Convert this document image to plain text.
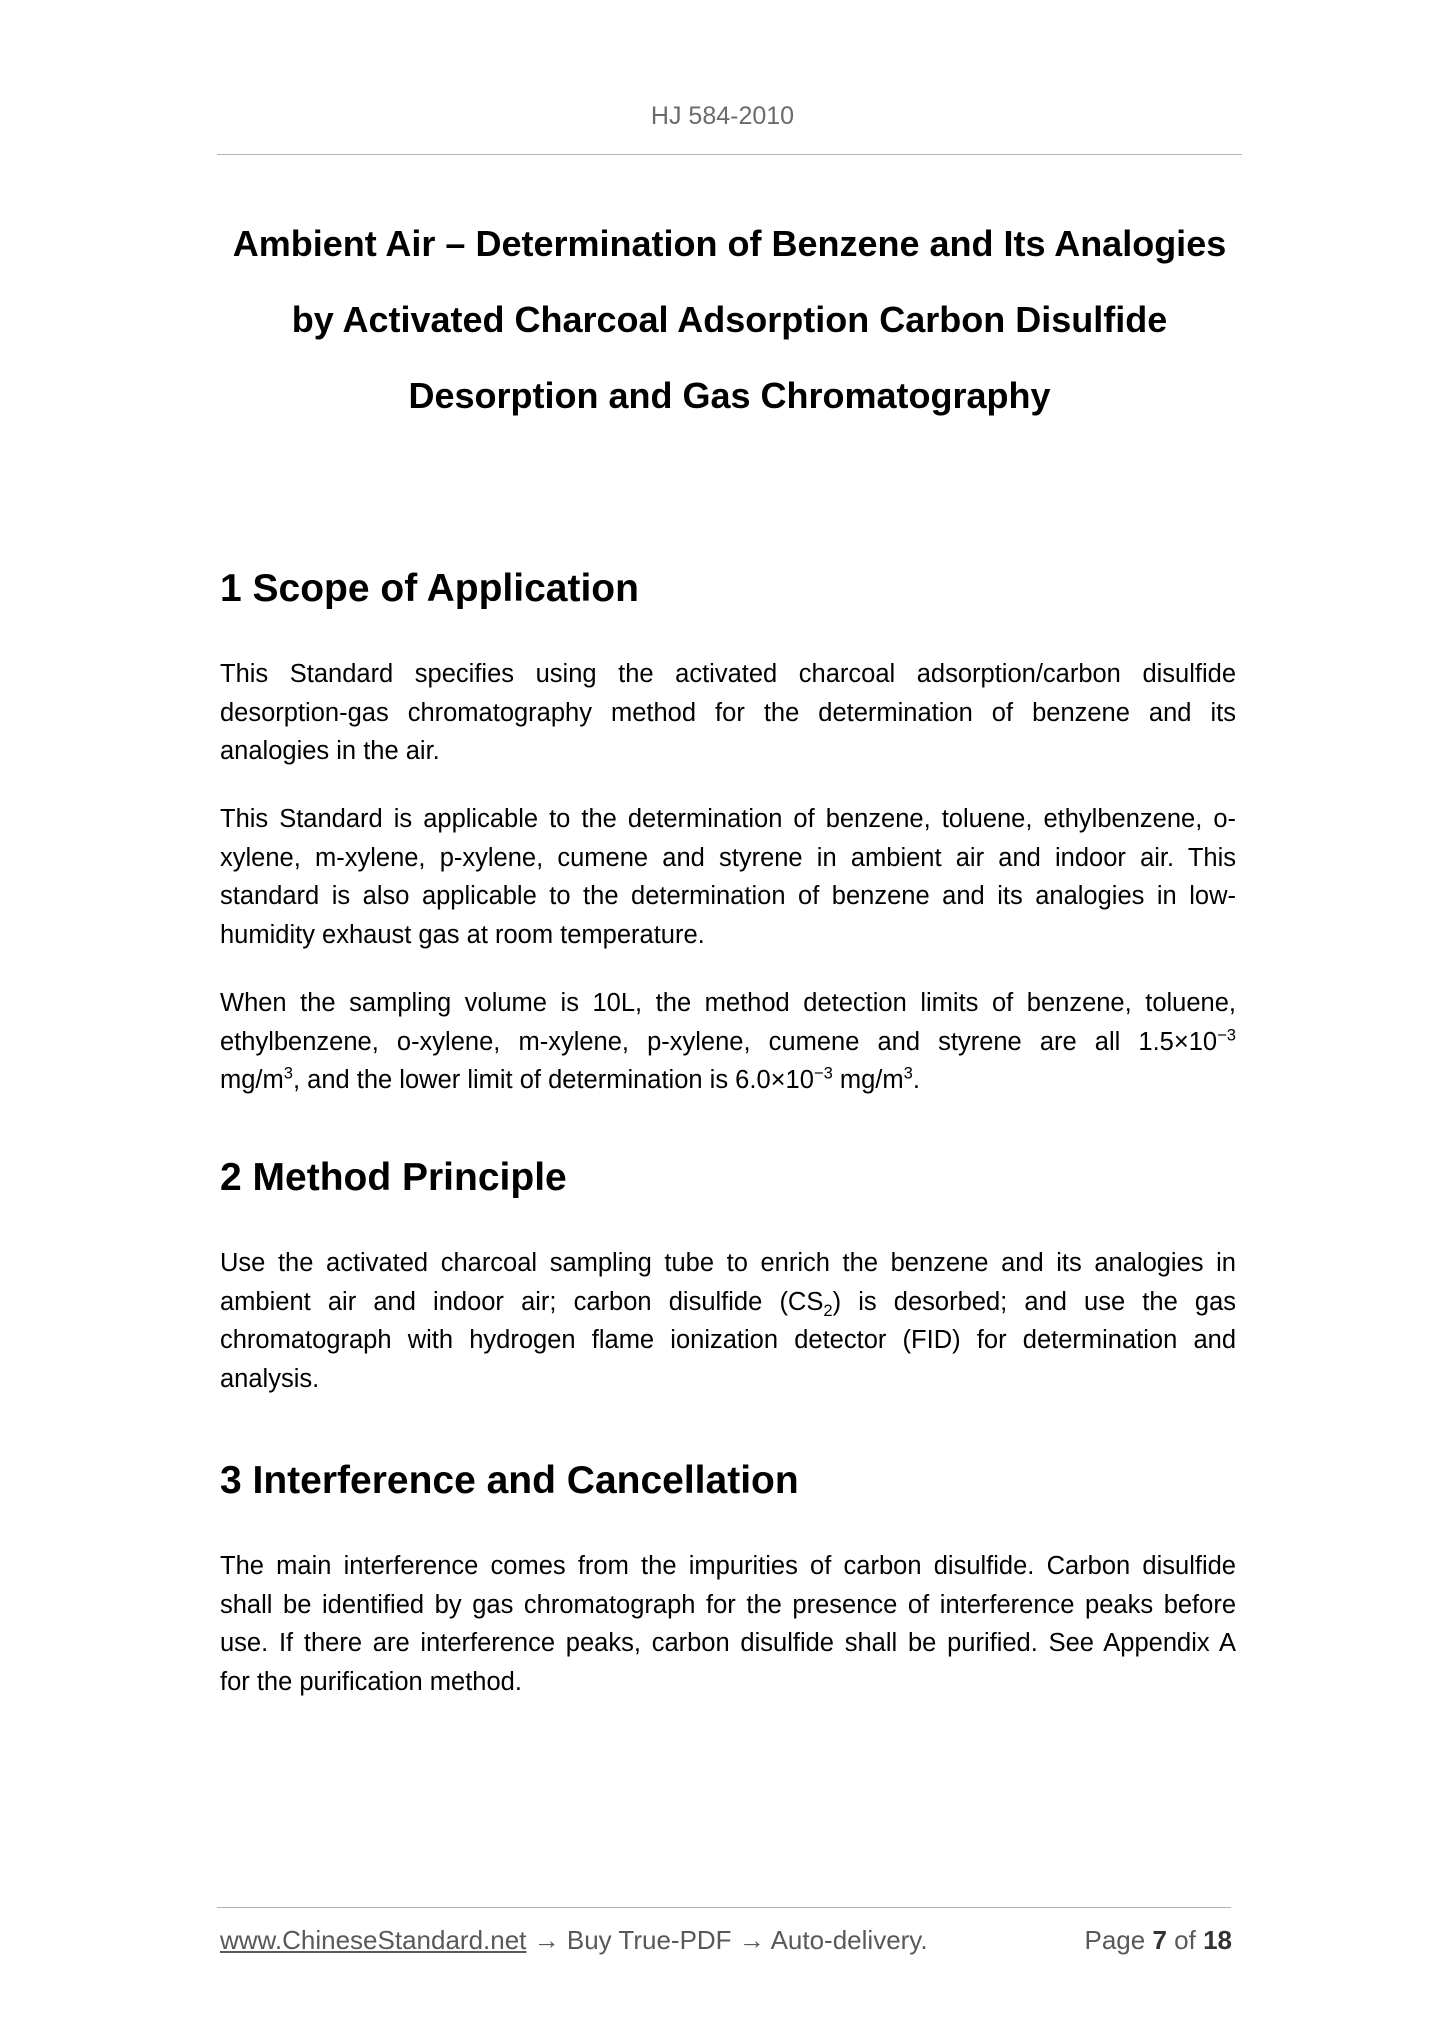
HJ 584-2010
Ambient Air – Determination of Benzene and Its Analogies
by Activated Charcoal Adsorption Carbon Disulfide
Desorption and Gas Chromatography
1 Scope of Application

This Standard specifies using the activated charcoal adsorption/carbon disulfide
desorption-gas chromatography method for the determination of benzene and its
analogies in the air.

This Standard is applicable to the determination of benzene, toluene, ethylbenzene, o-
xylene, m-xylene, p-xylene, cumene and styrene in ambient air and indoor air. This
standard is also applicable to the determination of benzene and its analogies in low-
humidity exhaust gas at room temperature.

When the sampling volume is 10L, the method detection limits of benzene, toluene,
ethylbenzene, o-xylene, m-xylene, p-xylene, cumene and styrene are all $1.5\times 10^{-3}$
$mg/m^3$, and the lower limit of determination is $6.0\times 10^{-3}$ $mg/m^3$.

2 Method Principle

Use the activated charcoal sampling tube to enrich the benzene and its analogies in
ambient air and indoor air; carbon disulfide $(CS_2)$ is desorbed; and use the gas
chromatograph with hydrogen flame ionization detector (FID) for determination and
analysis.

3 Interference and Cancellation

The main interference comes from the impurities of carbon disulfide. Carbon disulfide
shall be identified by gas chromatograph for the presence of interference peaks before
use. If there are interference peaks, carbon disulfide shall be purified. See Appendix A
for the purification method.

www.ChineseStandard.net → Buy True-PDF → Auto-delivery.	Page 7 of 18
